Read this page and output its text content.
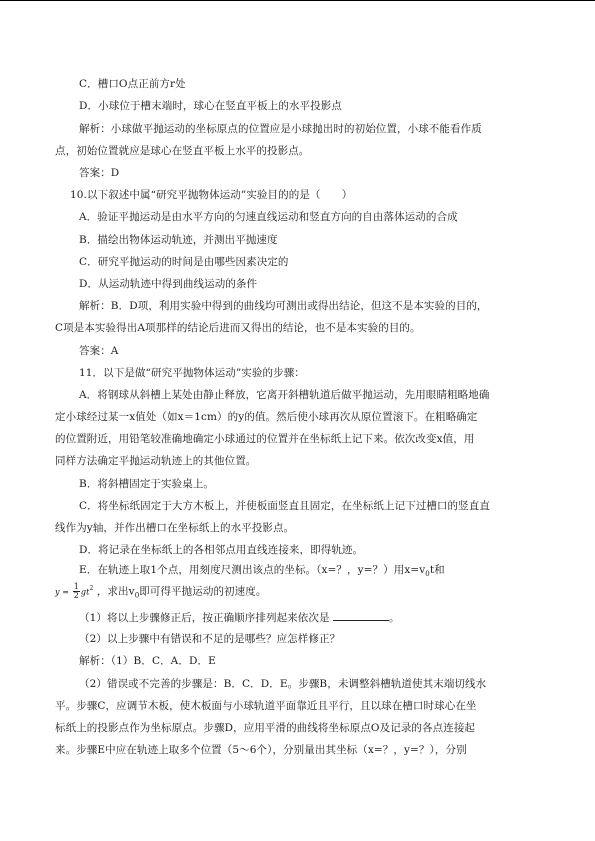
C．槽口O点正前方r处
D．小球位于槽末端时，球心在竖直平板上的水平投影点
解析：小球做平抛运动的坐标原点的位置应是小球抛出时的初始位置，小球不能看作质
点，初始位置就应是球心在竖直平板上水平的投影点。
答案：D
10.以下叙述中属“研究平抛物体运动”实验目的的是（　　）
A．验证平抛运动是由水平方向的匀速直线运动和竖直方向的自由落体运动的合成
B．描绘出物体运动轨迹，并测出平抛速度
C．研究平抛运动的时间是由哪些因素决定的
D．从运动轨迹中得到曲线运动的条件
解析：B．D项，利用实验中得到的曲线均可测出或得出结论，但这不是本实验的目的，
C项是本实验得出A项那样的结论后进而又得出的结论，也不是本实验的目的。
答案：A
11．以下是做“研究平抛物体运动”实验的步骤：
A．将钢球从斜槽上某处由静止释放，它离开斜槽轨道后做平抛运动，先用眼睛粗略地确
定小球经过某一x值处（如x＝1cm）的y的值。然后使小球再次从原位置滚下。在粗略确定
的位置附近，用铅笔较准确地确定小球通过的位置并在坐标纸上记下来。依次改变x值，用
同样方法确定平抛运动轨迹上的其他位置。
B．将斜槽固定于实验桌上。
C．将坐标纸固定于大方木板上，并使板面竖直且固定，在坐标纸上记下过槽口的竖直直
线作为y轴，并作出槽口在坐标纸上的水平投影点。
D．将记录在坐标纸上的各相邻点用直线连接来，即得轨迹。
E．在轨迹上取1个点，用刻度尺测出该点的坐标。（x=？，y=？）用$x=v_0t$和
$y = \frac{1}{2} gt^2$ ，求出$v_0$即可得平抛运动的初速度。
（1）将以上步骤修正后，按正确顺序排列起来依次是	。
（2）以上步骤中有错误和不足的是哪些？应怎样修正？
解析：（1）B．C．A．D．E
（2）错误或不完善的步骤是：B．C．D．E。步骤B，未调整斜槽轨道使其末端切线水
平。步骤C，应调节木板，使木板面与小球轨道平面靠近且平行，且以球在槽口时球心在坐
标纸上的投影点作为坐标原点。步骤D，应用平滑的曲线将坐标原点O及记录的各点连接起
来。步骤E中应在轨迹上取多个位置（5～6个），分别量出其坐标（x=？，y=？），分别
